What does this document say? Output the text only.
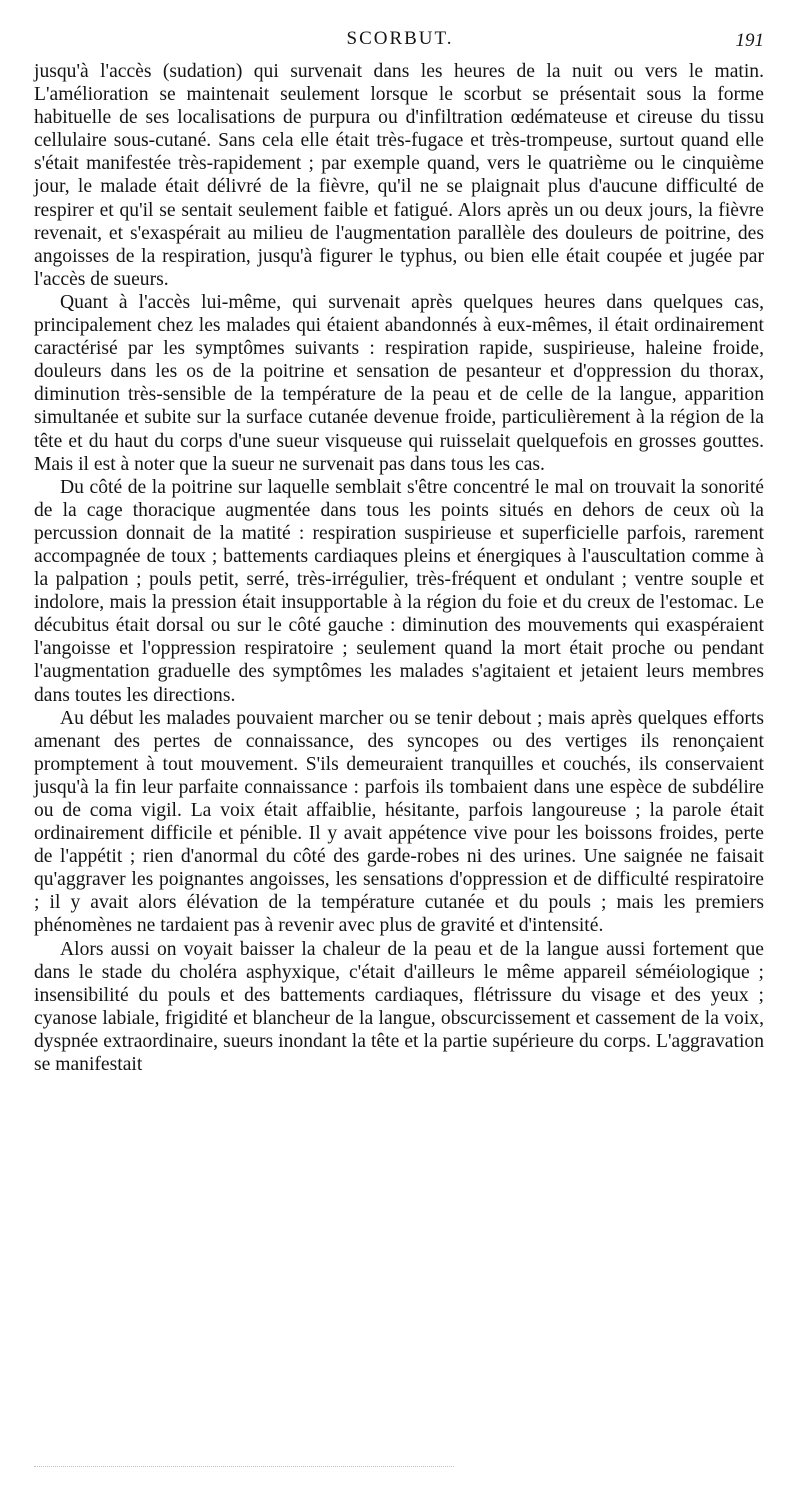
SCORBUT.	191

jusqu'à l'accès (sudation) qui survenait dans les heures de la nuit ou vers le matin. L'amélioration se maintenait seulement lorsque le scorbut se présentait sous la forme habituelle de ses localisations de purpura ou d'infiltration œdémateuse et cireuse du tissu cellulaire sous-cutané. Sans cela elle était très-fugace et très-trompeuse, surtout quand elle s'était manifestée très-rapidement ; par exemple quand, vers le quatrième ou le cinquième jour, le malade était délivré de la fièvre, qu'il ne se plaignait plus d'aucune difficulté de respirer et qu'il se sentait seulement faible et fatigué. Alors après un ou deux jours, la fièvre revenait, et s'exaspérait au milieu de l'augmentation parallèle des douleurs de poitrine, des angoisses de la respiration, jusqu'à figurer le typhus, ou bien elle était coupée et jugée par l'accès de sueurs.

Quant à l'accès lui-même, qui survenait après quelques heures dans quelques cas, principalement chez les malades qui étaient abandonnés à eux-mêmes, il était ordinairement caractérisé par les symptômes suivants : respiration rapide, suspirieuse, haleine froide, douleurs dans les os de la poitrine et sensation de pesanteur et d'oppression du thorax, diminution très-sensible de la température de la peau et de celle de la langue, apparition simultanée et subite sur la surface cutanée devenue froide, particulièrement à la région de la tête et du haut du corps d'une sueur visqueuse qui ruisselait quelquefois en grosses gouttes. Mais il est à noter que la sueur ne survenait pas dans tous les cas.

Du côté de la poitrine sur laquelle semblait s'être concentré le mal on trouvait la sonorité de la cage thoracique augmentée dans tous les points situés en dehors de ceux où la percussion donnait de la matité : respiration suspirieuse et superficielle parfois, rarement accompagnée de toux ; battements cardiaques pleins et énergiques à l'auscultation comme à la palpation ; pouls petit, serré, très-irrégulier, très-fréquent et ondulant ; ventre souple et indolore, mais la pression était insupportable à la région du foie et du creux de l'estomac. Le décubitus était dorsal ou sur le côté gauche : diminution des mouvements qui exaspéraient l'angoisse et l'oppression respiratoire ; seulement quand la mort était proche ou pendant l'augmentation graduelle des symptômes les malades s'agitaient et jetaient leurs membres dans toutes les directions.

Au début les malades pouvaient marcher ou se tenir debout ; mais après quelques efforts amenant des pertes de connaissance, des syncopes ou des vertiges ils renonçaient promptement à tout mouvement. S'ils demeuraient tranquilles et couchés, ils conservaient jusqu'à la fin leur parfaite connaissance : parfois ils tombaient dans une espèce de subdélire ou de coma vigil. La voix était affaiblie, hésitante, parfois langoureuse ; la parole était ordinairement difficile et pénible. Il y avait appétence vive pour les boissons froides, perte de l'appétit ; rien d'anormal du côté des garde-robes ni des urines. Une saignée ne faisait qu'aggraver les poignantes angoisses, les sensations d'oppression et de difficulté respiratoire ; il y avait alors élévation de la température cutanée et du pouls ; mais les premiers phénomènes ne tardaient pas à revenir avec plus de gravité et d'intensité.

Alors aussi on voyait baisser la chaleur de la peau et de la langue aussi fortement que dans le stade du choléra asphyxique, c'était d'ailleurs le même appareil séméiologique ; insensibilité du pouls et des battements cardiaques, flétrissure du visage et des yeux ; cyanose labiale, frigidité et blancheur de la langue, obscurcissement et cassement de la voix, dyspnée extraordinaire, sueurs inondant la tête et la partie supérieure du corps. L'aggravation se manifestait
